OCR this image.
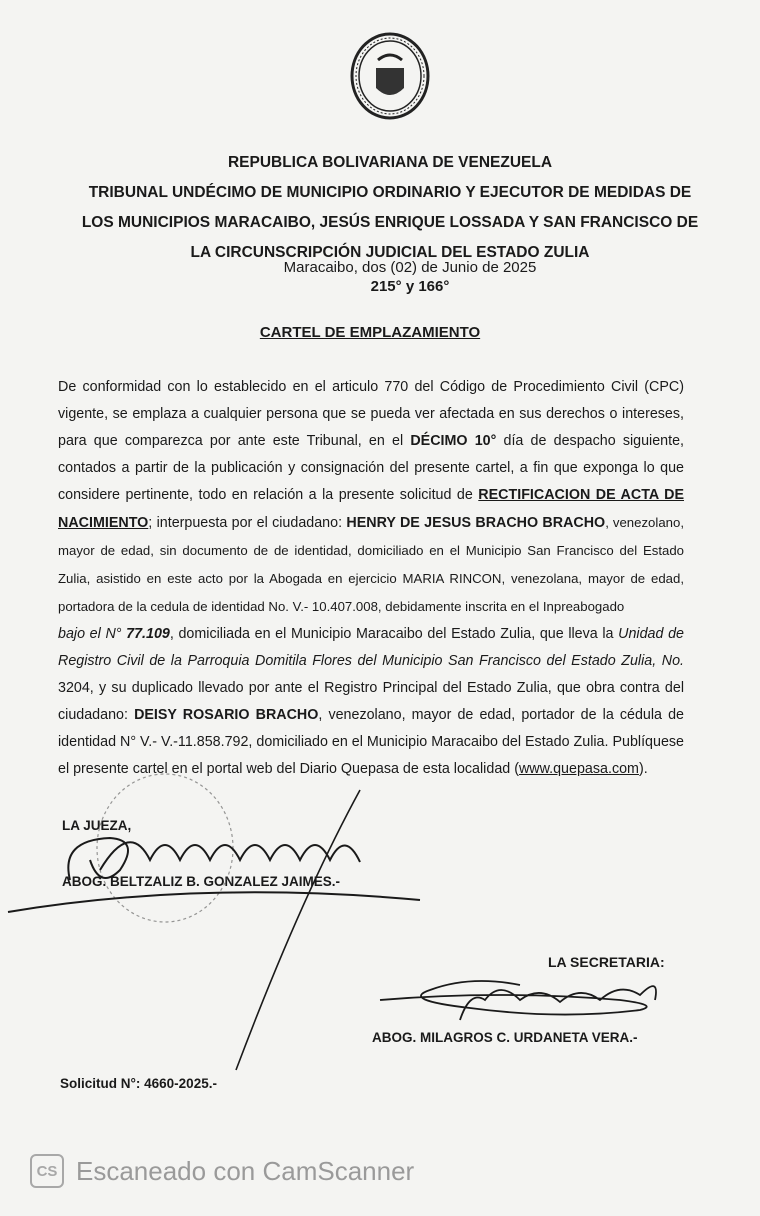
REPUBLICA BOLIVARIANA DE VENEZUELA
TRIBUNAL UNDÉCIMO DE MUNICIPIO ORDINARIO Y EJECUTOR DE MEDIDAS DE
LOS MUNICIPIOS MARACAIBO, JESÚS ENRIQUE LOSSADA Y SAN FRANCISCO DE
LA CIRCUNSCRIPCIÓN JUDICIAL DEL ESTADO ZULIA
Maracaibo, dos (02) de Junio de 2025
215° y 166°
CARTEL DE EMPLAZAMIENTO
De conformidad con lo establecido en el articulo 770 del Código de Procedimiento Civil (CPC) vigente, se emplaza a cualquier persona que se pueda ver afectada en sus derechos o intereses, para que comparezca por ante este Tribunal, en el DÉCIMO 10° día de despacho siguiente, contados a partir de la publicación y consignación del presente cartel, a fin que exponga lo que considere pertinente, todo en relación a la presente solicitud de RECTIFICACION DE ACTA DE NACIMIENTO; interpuesta por el ciudadano: HENRY DE JESUS BRACHO BRACHO, venezolano, mayor de edad, sin documento de de identidad, domiciliado en el Municipio San Francisco del Estado Zulia, asistido en este acto por la Abogada en ejercicio MARIA RINCON, venezolana, mayor de edad, portadora de la cedula de identidad No. V.- 10.407.008, debidamente inscrita en el Inpreabogado
bajo el N° 77.109, domiciliada en el Municipio Maracaibo del Estado Zulia, que lleva la Unidad de Registro Civil de la Parroquia Domitila Flores del Municipio San Francisco del Estado Zulia, No. 3204, y su duplicado llevado por ante el Registro Principal del Estado Zulia, que obra contra del ciudadano: DEISY ROSARIO BRACHO, venezolano, mayor de edad, portador de la cédula de identidad N° V.- V.-11.858.792, domiciliado en el Municipio Maracaibo del Estado Zulia. Publíquese el presente cartel en el portal web del Diario Quepasa de esta localidad (www.quepasa.com).
LA JUEZA,
ABOG. BELTZALIZ B. GONZALEZ JAIMES.-
LA SECRETARIA:
ABOG. MILAGROS C. URDANETA VERA.-
Solicitud N°: 4660-2025.-
CS Escaneado con CamScanner
